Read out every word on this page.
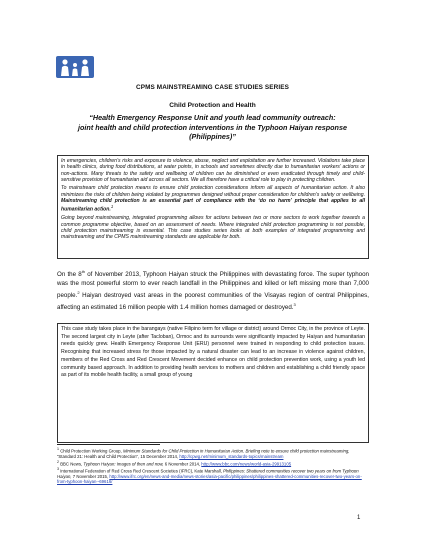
CPMS MAINSTREAMING CASE STUDIES SERIES
Child Protection and Health
“Health Emergency Response Unit and youth lead community outreach:
joint health and child protection interventions in the Typhoon Haiyan response
(Philippines)”

In emergencies, children’s risks and exposure to violence, abuse, neglect and exploitation are further increased. Violations take place in health clinics, during food distributions, at water points, in schools and sometimes directly due to humanitarian workers’ actions or non-actions. Many threats to the safety and wellbeing of children can be diminished or even eradicated through timely and child-sensitive provision of humanitarian aid across all sectors. We all therefore have a critical role to play in protecting children.

To mainstream child protection means to ensure child protection considerations inform all aspects of humanitarian action. It also minimizes the risks of children being violated by programmes designed without proper consideration for children’s safety or wellbeing. Mainstreaming child protection is an essential part of compliance with the ‘do no harm’ principle that applies to all humanitarian action.$^1$

Going beyond mainstreaming, integrated programming allows for actions between two or more sectors to work together towards a common programme objective, based on an assessment of needs. Where integrated child protection programming is not possible, child protection mainstreaming is essential. This case studies series looks at both examples of integrated programming and mainstreaming and the CPMS mainstreaming standards are applicable for both.

On the 8th of November 2013, Typhoon Haiyan struck the Philippines with devastating force. The super typhoon was the most powerful storm to ever reach landfall in the Philippines and killed or left missing more than 7,000 people.$^2$ Haiyan destroyed vast areas in the poorest communities of the Visayas region of central Philippines, affecting an estimated 16 million people with 1.4 million homes damaged or destroyed.$^3$
This case study takes place in the barangays (native Filipino term for village or district) around Ormoc City, in the province of Leyte. The second largest city in Leyte (after Tacloban), Ormoc and its surrounds were significantly impacted by Haiyan and humanitarian needs quickly grew. Health Emergency Response Unit (ERU) personnel were trained in responding to child protection issues. Recognising that increased stress for those impacted by a natural disaster can lead to an increase in violence against children, members of the Red Cross and Red Crescent Movement decided enhance on child protection prevention work, using a youth led community based approach. In addition to providing health services to mothers and children and establishing a child friendly space as part of its mobile health facility, a small group of young

$^1$ Child Protection Working Group, Minimum Standards for Child Protection in Humanitarian Action. Briefing note to ensure child protection mainstreaming, “Standard 21: Health and Child Protection”, 15 December 2014, http://cpwg.net/minimum_standards-topics/mainstream

$^2$ BBC News, Typhoon Haiyan: Images of then and now, 6 November 2014, http://www.bbc.com/news/world-asia-29913105

$^3$ International Federation of Red Cross Red Crescent Societies (IFRC), Kate Marshall, Philippines: Shattered communities recover two years on from Typhoon Haiyan, 7 November 2015, http://www.ifrc.org/en/news-and-media/news-stories/asia-pacific/philippines/philippines-shattered-communities-recover-two-years-on-from-typhoon-haiyan--69616/

1
